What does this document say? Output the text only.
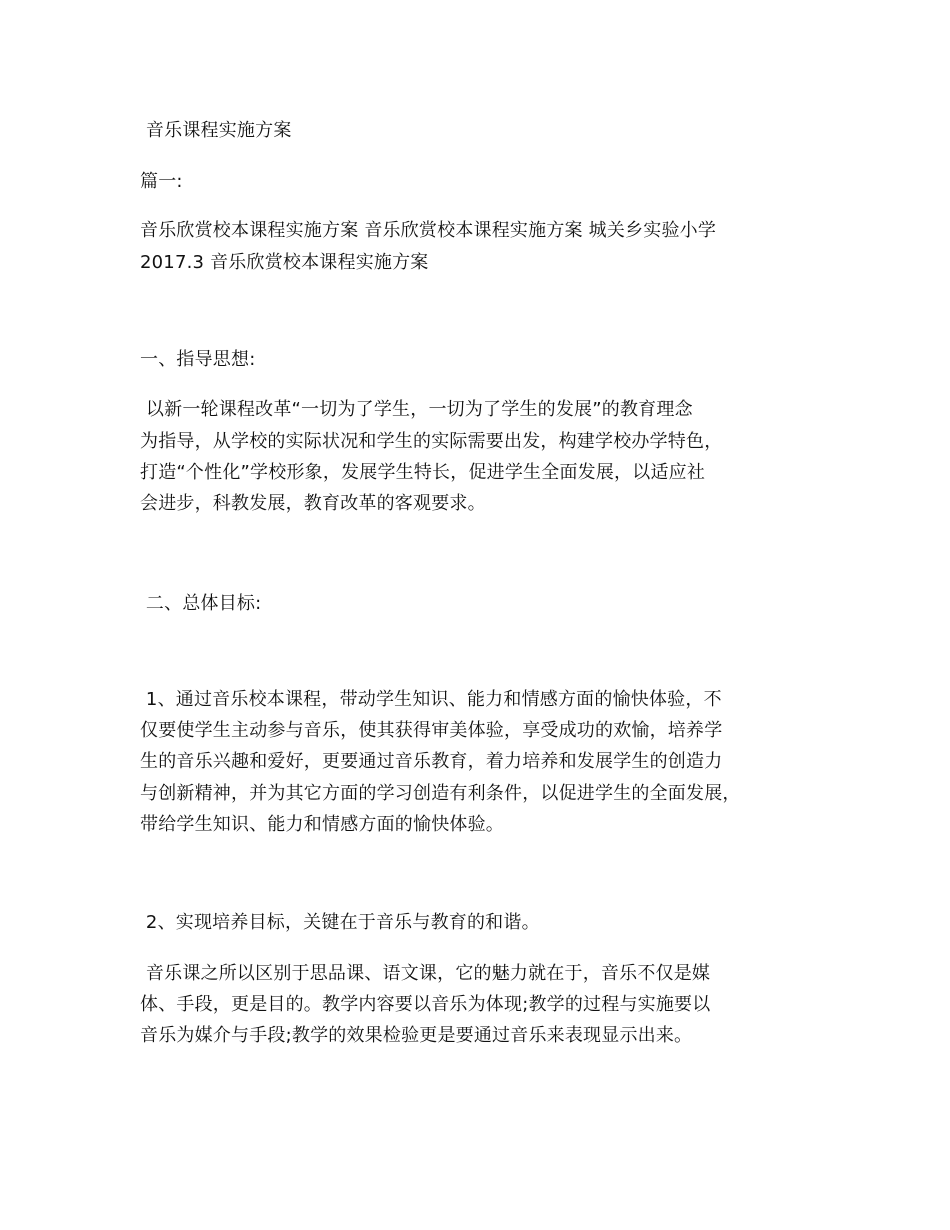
音乐课程实施方案
篇一:
音乐欣赏校本课程实施方案 音乐欣赏校本课程实施方案 城关乡实验小学
2017.3 音乐欣赏校本课程实施方案
一、指导思想:
以新一轮课程改革“一切为了学生，一切为了学生的发展”的教育理念
为指导，从学校的实际状况和学生的实际需要出发，构建学校办学特色，
打造“个性化”学校形象，发展学生特长，促进学生全面发展，以适应社
会进步，科教发展，教育改革的客观要求。
二、总体目标:
1、通过音乐校本课程，带动学生知识、能力和情感方面的愉快体验，不
仅要使学生主动参与音乐，使其获得审美体验，享受成功的欢愉，培养学
生的音乐兴趣和爱好，更要通过音乐教育，着力培养和发展学生的创造力
与创新精神，并为其它方面的学习创造有利条件，以促进学生的全面发展，
带给学生知识、能力和情感方面的愉快体验。
2、实现培养目标，关键在于音乐与教育的和谐。
音乐课之所以区别于思品课、语文课，它的魅力就在于，音乐不仅是媒
体、手段，更是目的。教学内容要以音乐为体现;教学的过程与实施要以
音乐为媒介与手段;教学的效果检验更是要通过音乐来表现显示出来。
